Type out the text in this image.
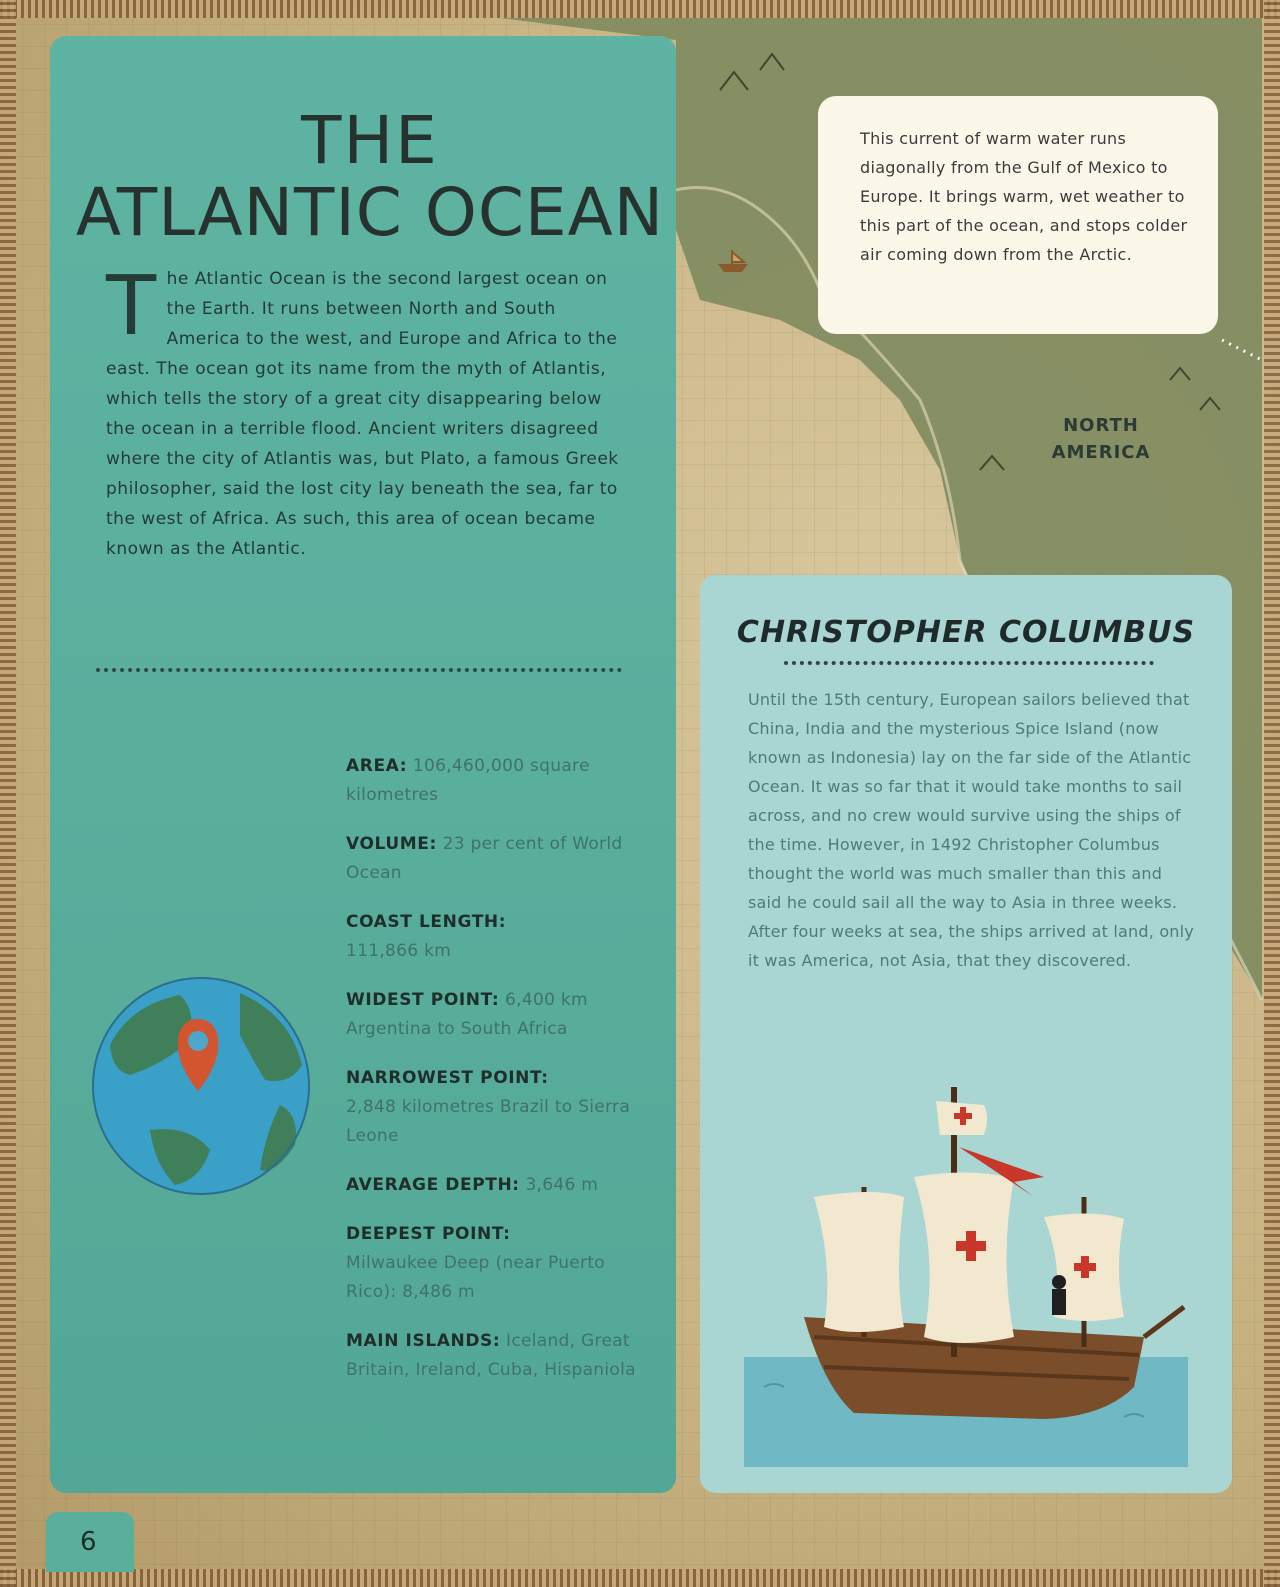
THE
ATLANTIC OCEAN
The Atlantic Ocean is the second largest ocean on the Earth. It runs between North and South America to the west, and Europe and Africa to the east. The ocean got its name from the myth of Atlantis, which tells the story of a great city disappearing below the ocean in a terrible flood. Ancient writers disagreed where the city of Atlantis was, but Plato, a famous Greek philosopher, said the lost city lay beneath the sea, far to the west of Africa. As such, this area of ocean became known as the Atlantic.
AREA: 106,460,000 square kilometres
VOLUME: 23 per cent of World Ocean
COAST LENGTH:
111,866 km
WIDEST POINT: 6,400 km Argentina to South Africa
NARROWEST POINT:
2,848 kilometres Brazil to Sierra Leone
AVERAGE DEPTH: 3,646 m
DEEPEST POINT:
Milwaukee Deep (near Puerto Rico): 8,486 m
MAIN ISLANDS: Iceland, Great Britain, Ireland, Cuba, Hispaniola
6
This current of warm water runs diagonally from the Gulf of Mexico to Europe. It brings warm, wet weather to this part of the ocean, and stops colder air coming down from the Arctic.
NORTH AMERICA
CHRISTOPHER COLUMBUS
Until the 15th century, European sailors believed that China, India and the mysterious Spice Island (now known as Indonesia) lay on the far side of the Atlantic Ocean. It was so far that it would take months to sail across, and no crew would survive using the ships of the time. However, in 1492 Christopher Columbus thought the world was much smaller than this and said he could sail all the way to Asia in three weeks. After four weeks at sea, the ships arrived at land, only it was America, not Asia, that they discovered.
